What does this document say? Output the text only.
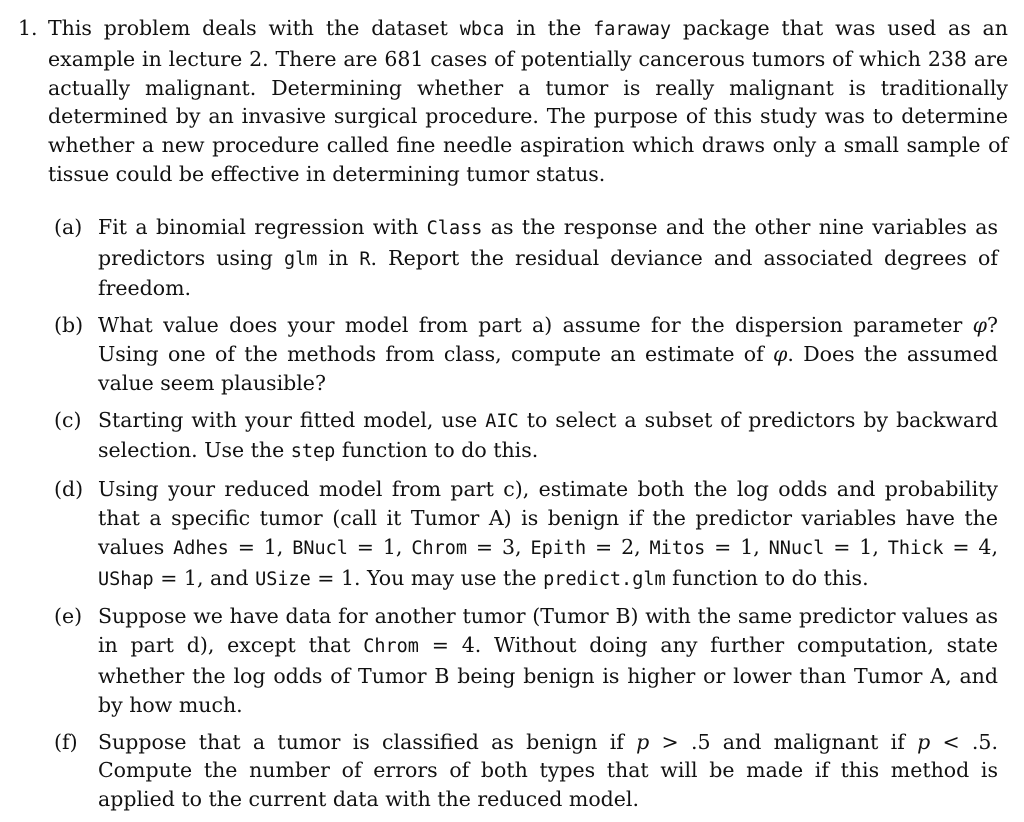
1. This problem deals with the dataset wbca in the faraway package that was used as an example in lecture 2. There are 681 cases of potentially cancerous tumors of which 238 are actually malignant. Determining whether a tumor is really malignant is traditionally determined by an invasive surgical procedure. The purpose of this study was to determine whether a new procedure called fine needle aspiration which draws only a small sample of tissue could be effective in determining tumor status.
(a) Fit a binomial regression with Class as the response and the other nine variables as predictors using glm in R. Report the residual deviance and associated degrees of freedom.
(b) What value does your model from part a) assume for the dispersion parameter φ? Using one of the methods from class, compute an estimate of φ. Does the assumed value seem plausible?
(c) Starting with your fitted model, use AIC to select a subset of predictors by backward selection. Use the step function to do this.
(d) Using your reduced model from part c), estimate both the log odds and probability that a specific tumor (call it Tumor A) is benign if the predictor variables have the values Adhes = 1, BNucl = 1, Chrom = 3, Epith = 2, Mitos = 1, NNucl = 1, Thick = 4, UShap = 1, and USize = 1. You may use the predict.glm function to do this.
(e) Suppose we have data for another tumor (Tumor B) with the same predictor values as in part d), except that Chrom = 4. Without doing any further computation, state whether the log odds of Tumor B being benign is higher or lower than Tumor A, and by how much.
(f) Suppose that a tumor is classified as benign if p > .5 and malignant if p < .5. Compute the number of errors of both types that will be made if this method is applied to the current data with the reduced model.
